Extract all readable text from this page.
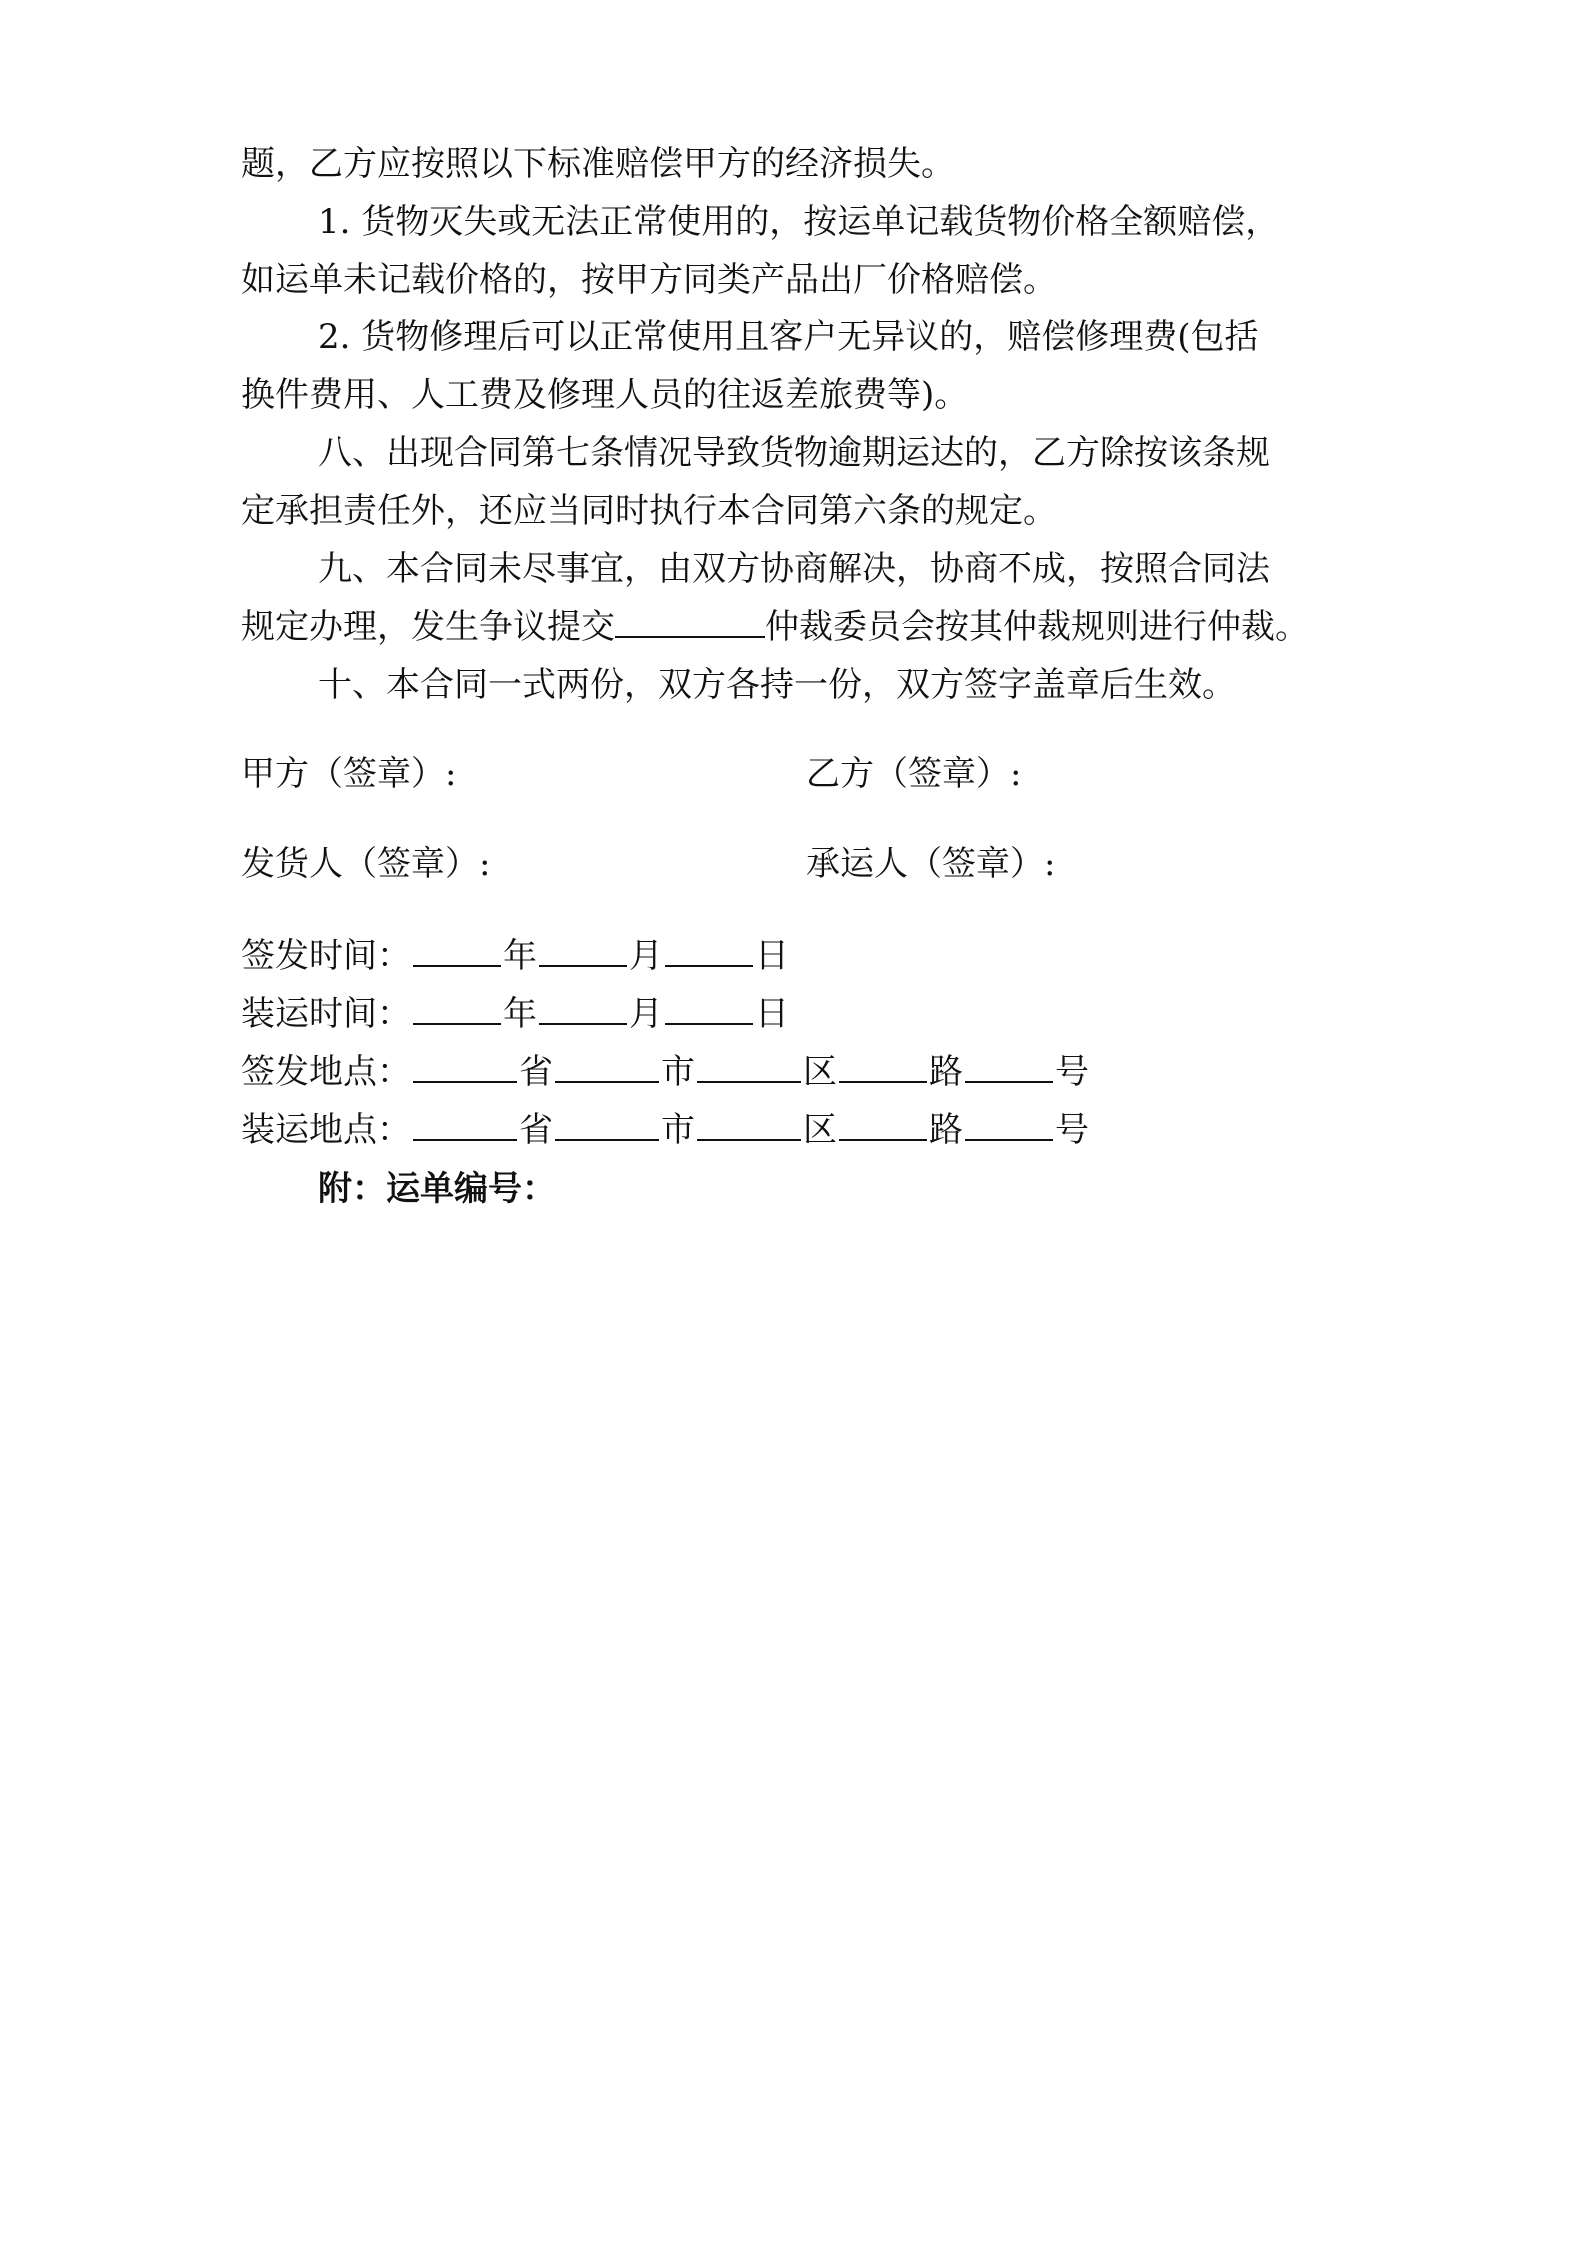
题，乙方应按照以下标准赔偿甲方的经济损失。
1. 货物灭失或无法正常使用的，按运单记载货物价格全额赔偿，
如运单未记载价格的，按甲方同类产品出厂价格赔偿。
2. 货物修理后可以正常使用且客户无异议的，赔偿修理费(包括
换件费用、人工费及修理人员的往返差旅费等)。
八、出现合同第七条情况导致货物逾期运达的，乙方除按该条规
定承担责任外，还应当同时执行本合同第六条的规定。
九、本合同未尽事宜，由双方协商解决，协商不成，按照合同法
规定办理，发生争议提交	仲裁委员会按其仲裁规则进行仲裁。
十、本合同一式两份，双方各持一份，双方签字盖章后生效。
甲方（签章）:	乙方（签章）:
发货人（签章）:	承运人（签章）:
签发时间：	年	月	日
装运时间：	年	月	日
签发地点：	省	市	区	路	号
装运地点：	省	市	区	路	号
附：运单编号：
